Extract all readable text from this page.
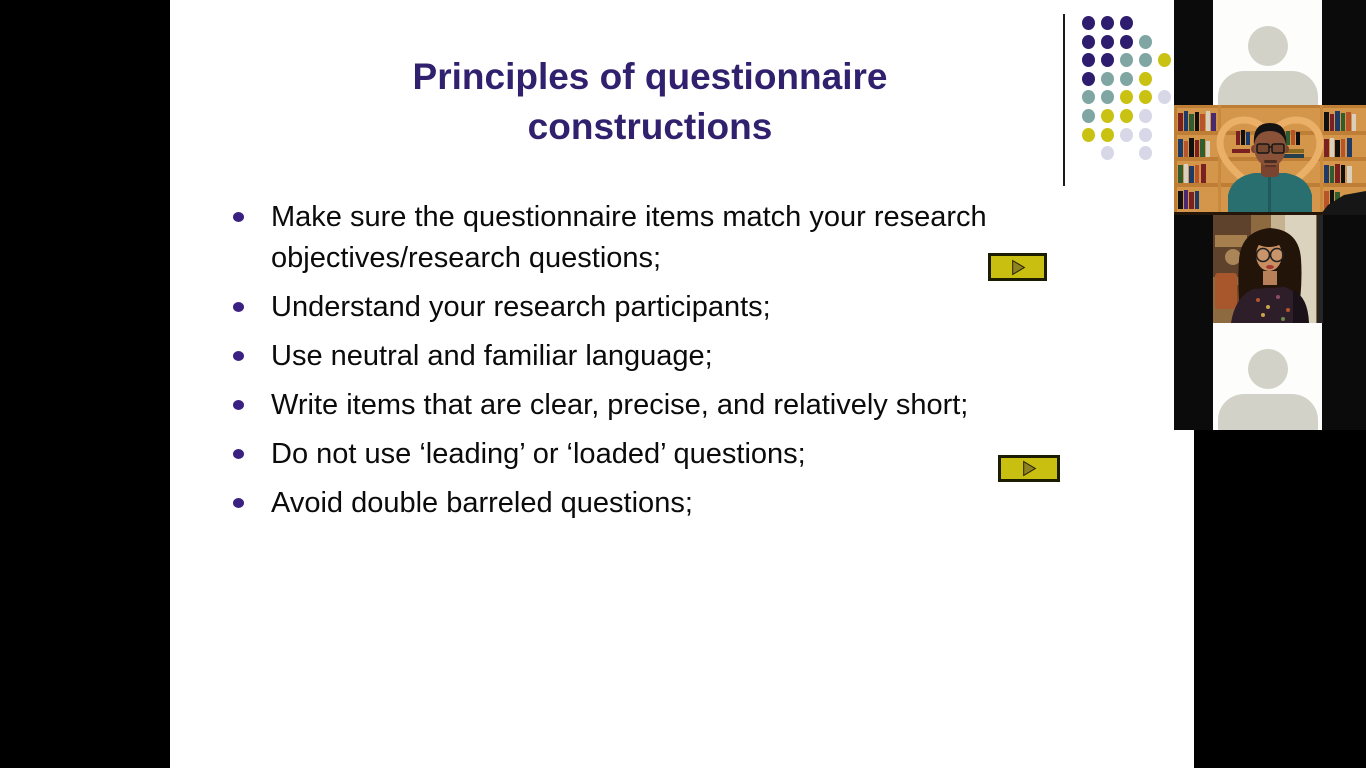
Principles of questionnaire constructions
Make sure the questionnaire items match your research objectives/research questions;
Understand your research participants;
Use neutral and familiar language;
Write items that are clear, precise, and relatively short;
Do not use ‘leading’ or ‘loaded’ questions;
Avoid double barreled questions;
